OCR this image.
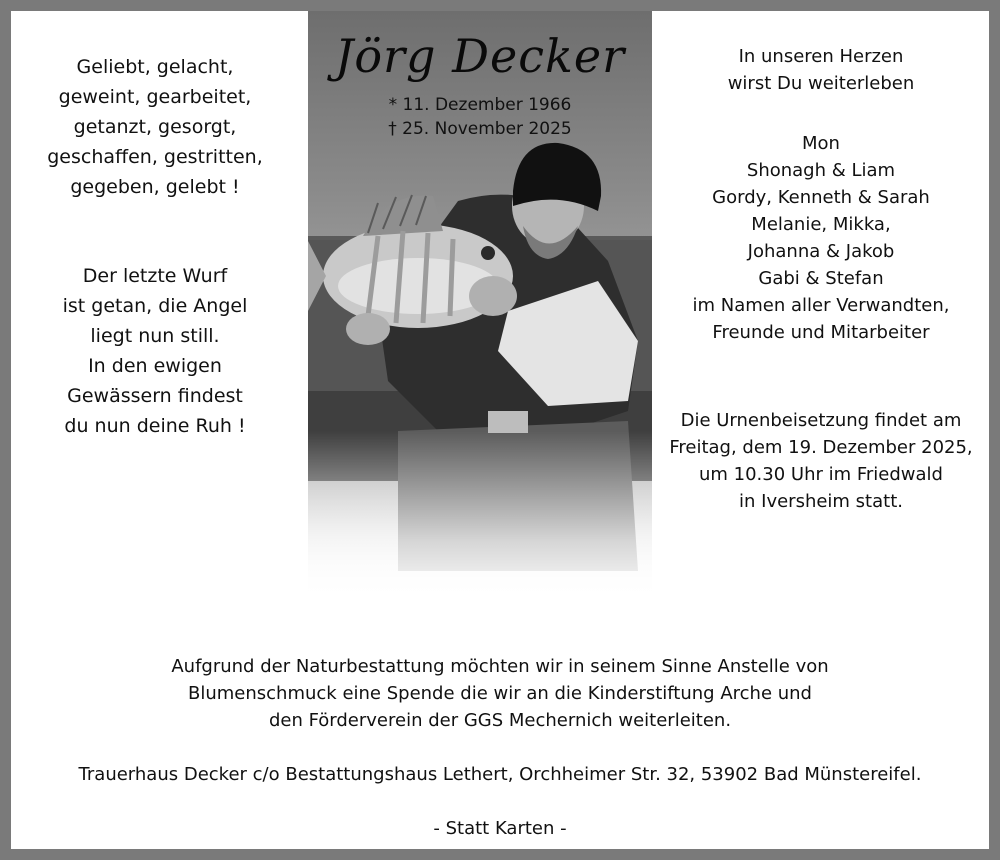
Jörg Decker
* 11. Dezember 1966
† 25. November 2025
Geliebt, gelacht,
geweint, gearbeitet,
getanzt, gesorgt,
geschaffen, gestritten,
gegeben, gelebt !
Der letzte Wurf
ist getan, die Angel
liegt nun still.
In den ewigen
Gewässern findest
du nun deine Ruh !
In unseren Herzen
wirst Du weiterleben
Mon
Shonagh & Liam
Gordy, Kenneth & Sarah
Melanie, Mikka,
Johanna & Jakob
Gabi & Stefan
im Namen aller Verwandten,
Freunde und Mitarbeiter
Die Urnenbeisetzung findet am
Freitag, dem 19. Dezember 2025,
um 10.30 Uhr im Friedwald
in Iversheim statt.
Aufgrund der Naturbestattung möchten wir in seinem Sinne Anstelle von
Blumenschmuck eine Spende die wir an die Kinderstiftung Arche und
den Förderverein der GGS Mechernich weiterleiten.
Trauerhaus Decker c/o Bestattungshaus Lethert, Orchheimer Str. 32, 53902 Bad Münstereifel.
- Statt Karten -
